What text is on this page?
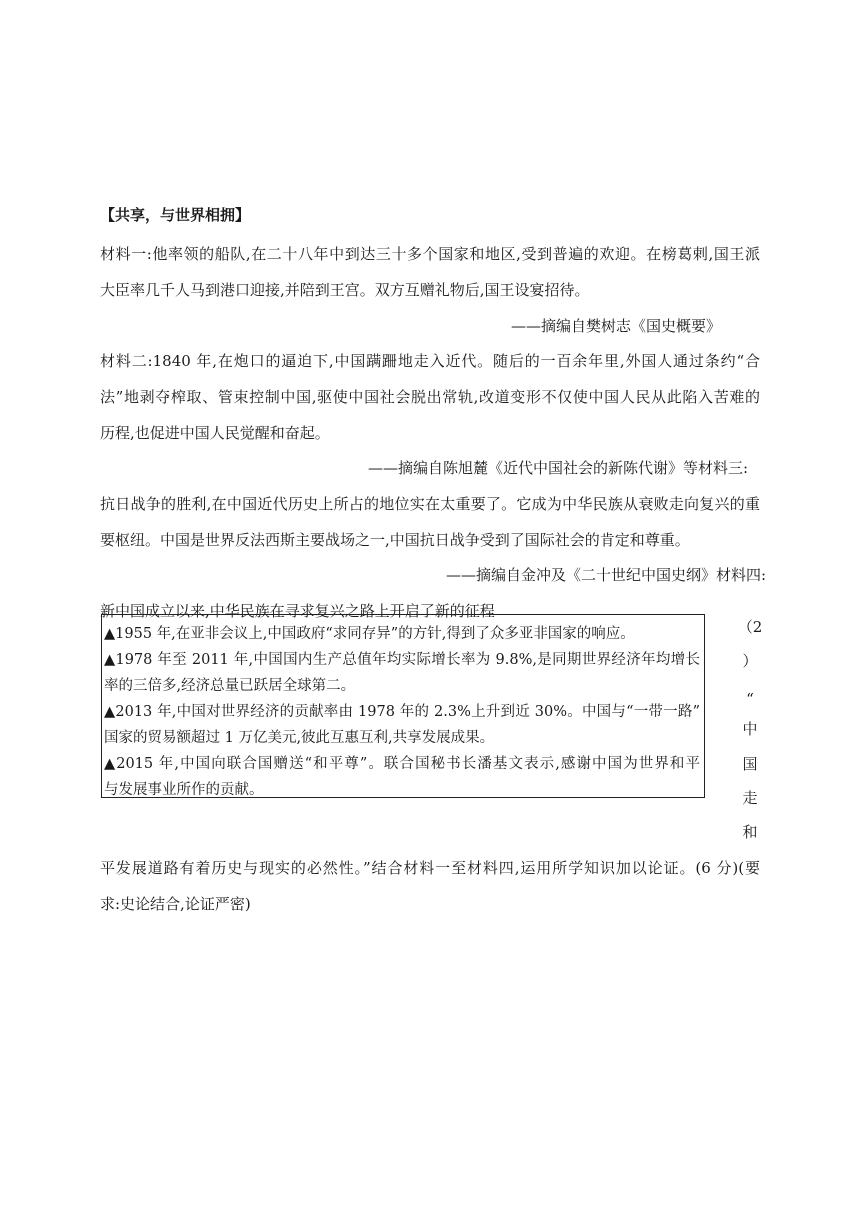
【共享，与世界相拥】
材料一:他率领的船队,在二十八年中到达三十多个国家和地区,受到普遍的欢迎。在榜葛剌,国王派
大臣率几千人马到港口迎接,并陪到王宫。双方互赠礼物后,国王设宴招待。
——摘编自樊树志《国史概要》
材料二:1840 年,在炮口的逼迫下,中国蹒跚地走入近代。随后的一百余年里,外国人通过条约“合
法”地剥夺榨取、管束控制中国,驱使中国社会脱出常轨,改道变形不仅使中国人民从此陷入苦难的
历程,也促进中国人民觉醒和奋起。
——摘编自陈旭麓《近代中国社会的新陈代谢》等材料三:
抗日战争的胜利,在中国近代历史上所占的地位实在太重要了。它成为中华民族从衰败走向复兴的重
要枢纽。中国是世界反法西斯主要战场之一,中国抗日战争受到了国际社会的肯定和尊重。
——摘编自金冲及《二十世纪中国史纲》材料四:
新中国成立以来,中华民族在寻求复兴之路上开启了新的征程
▲1955 年,在亚非会议上,中国政府“求同存异”的方针,得到了众多亚非国家的响应。
▲1978 年至 2011 年,中国国内生产总值年均实际增长率为 9.8%,是同期世界经济年均增长
率的三倍多,经济总量已跃居全球第二。
▲2013 年,中国对世界经济的贡献率由 1978 年的 2.3%上升到近 30%。中国与“一带一路”
国家的贸易额超过 1 万亿美元,彼此互惠互利,共享发展成果。
▲2015 年,中国向联合国赠送“和平尊”。联合国秘书长潘基文表示,感谢中国为世界和平
与发展事业所作的贡献。
（2
）
“
中
国
走
和
平发展道路有着历史与现实的必然性。”结合材料一至材料四,运用所学知识加以论证。(6 分)(要
求:史论结合,论证严密)
